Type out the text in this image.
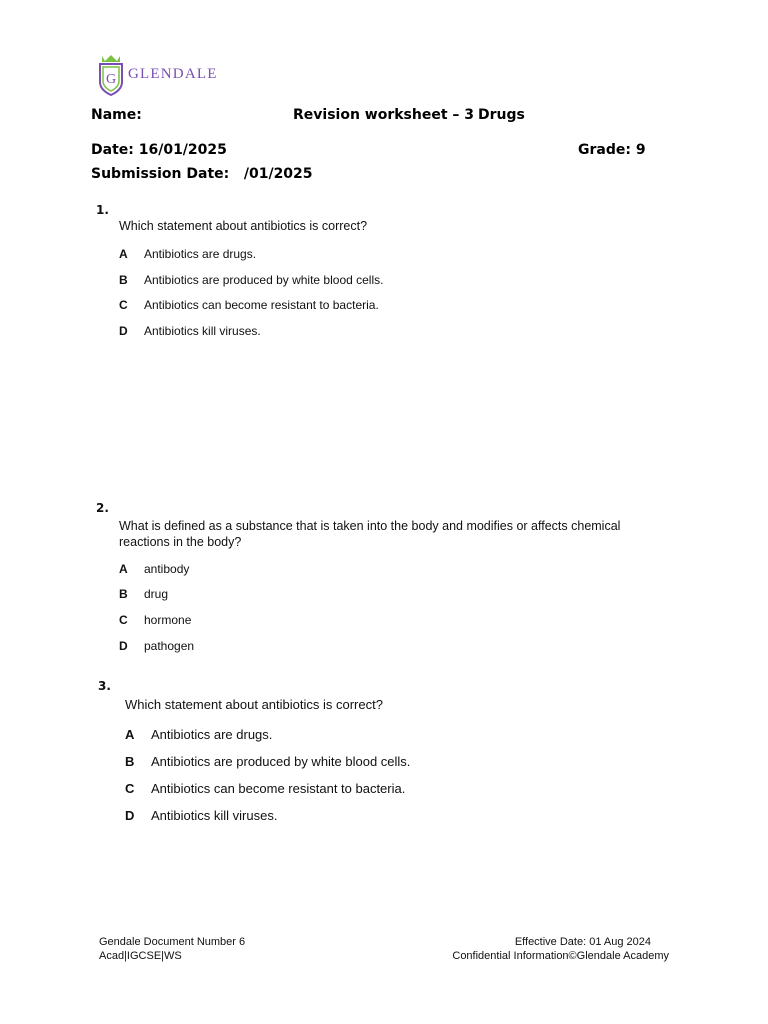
G GLENDALE
Name:	Revision worksheet – 3 Drugs
Date: 16/01/2025	Grade: 9
Submission Date:   /01/2025
1.
Which statement about antibiotics is correct?
A Antibiotics are drugs.
B Antibiotics are produced by white blood cells.
C Antibiotics can become resistant to bacteria.
D Antibiotics kill viruses.
2.
What is defined as a substance that is taken into the body and modifies or affects chemical
reactions in the body?
A antibody
B drug
C hormone
D pathogen
3.
Which statement about antibiotics is correct?
A Antibiotics are drugs.
B Antibiotics are produced by white blood cells.
C Antibiotics can become resistant to bacteria.
D Antibiotics kill viruses.
Gendale Document Number 6
Acad|IGCSE|WS
Effective Date: 01 Aug 2024
Confidential Information©Glendale Academy
